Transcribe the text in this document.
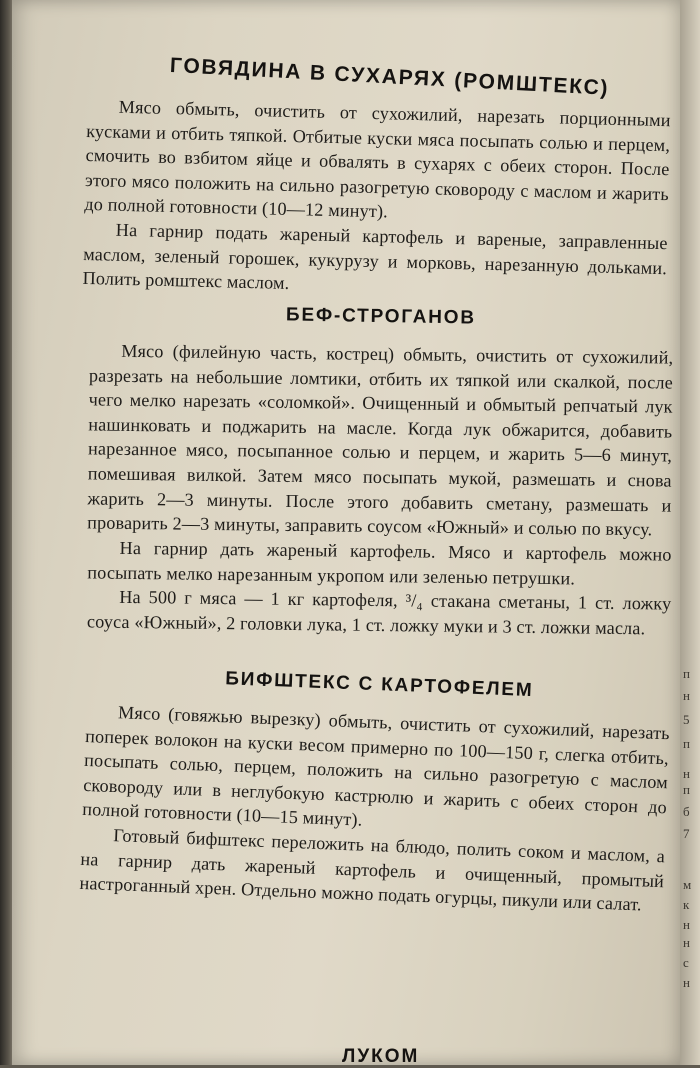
ГОВЯДИНА В СУХАРЯХ (РОМШТЕКС)

Мясо обмыть, очистить от сухожилий, нарезать порционными кусками и отбить тяпкой. Отбитые куски мяса посыпать солью и перцем, смочить во взбитом яйце и обвалять в сухарях с обеих сторон. После этого мясо положить на сильно разогретую сковороду с маслом и жарить до полной готовности (10—12 минут).

На гарнир подать жареный картофель и вареные, заправленные маслом, зеленый горошек, кукурузу и морковь, нарезанную дольками. Полить ромштекс маслом.

БЕФ-СТРОГАНОВ

Мясо (филейную часть, кострец) обмыть, очистить от сухожилий, разрезать на небольшие ломтики, отбить их тяпкой или скалкой, после чего мелко нарезать «соломкой». Очищенный и обмытый репчатый лук нашинковать и поджарить на масле. Когда лук обжарится, добавить нарезанное мясо, посыпанное солью и перцем, и жарить 5—6 минут, помешивая вилкой. Затем мясо посыпать мукой, размешать и снова жарить 2—3 минуты. После этого добавить сметану, размешать и проварить 2—3 минуты, заправить соусом «Южный» и солью по вкусу.

На гарнир дать жареный картофель. Мясо и картофель можно посыпать мелко нарезанным укропом или зеленью петрушки.

На 500 г мяса — 1 кг картофеля, ³/₄ стакана сметаны, 1 ст. ложку соуса «Южный», 2 головки лука, 1 ст. ложку муки и 3 ст. ложки масла.

БИФШТЕКС С КАРТОФЕЛЕМ

Мясо (говяжью вырезку) обмыть, очистить от сухожилий, нарезать поперек волокон на куски весом примерно по 100—150 г, слегка отбить, посыпать солью, перцем, положить на сильно разогретую с маслом сковороду или в неглубокую кастрюлю и жарить с обеих сторон до полной готовности (10—15 минут).

Готовый бифштекс переложить на блюдо, полить соком и маслом, а на гарнир дать жареный картофель и очищенный, промытый настроганный хрен. Отдельно можно подать огурцы, пикули или салат.

ЛУКОМ
п
н
5
п
н
п
б
7
м
к
н
н
с
н
